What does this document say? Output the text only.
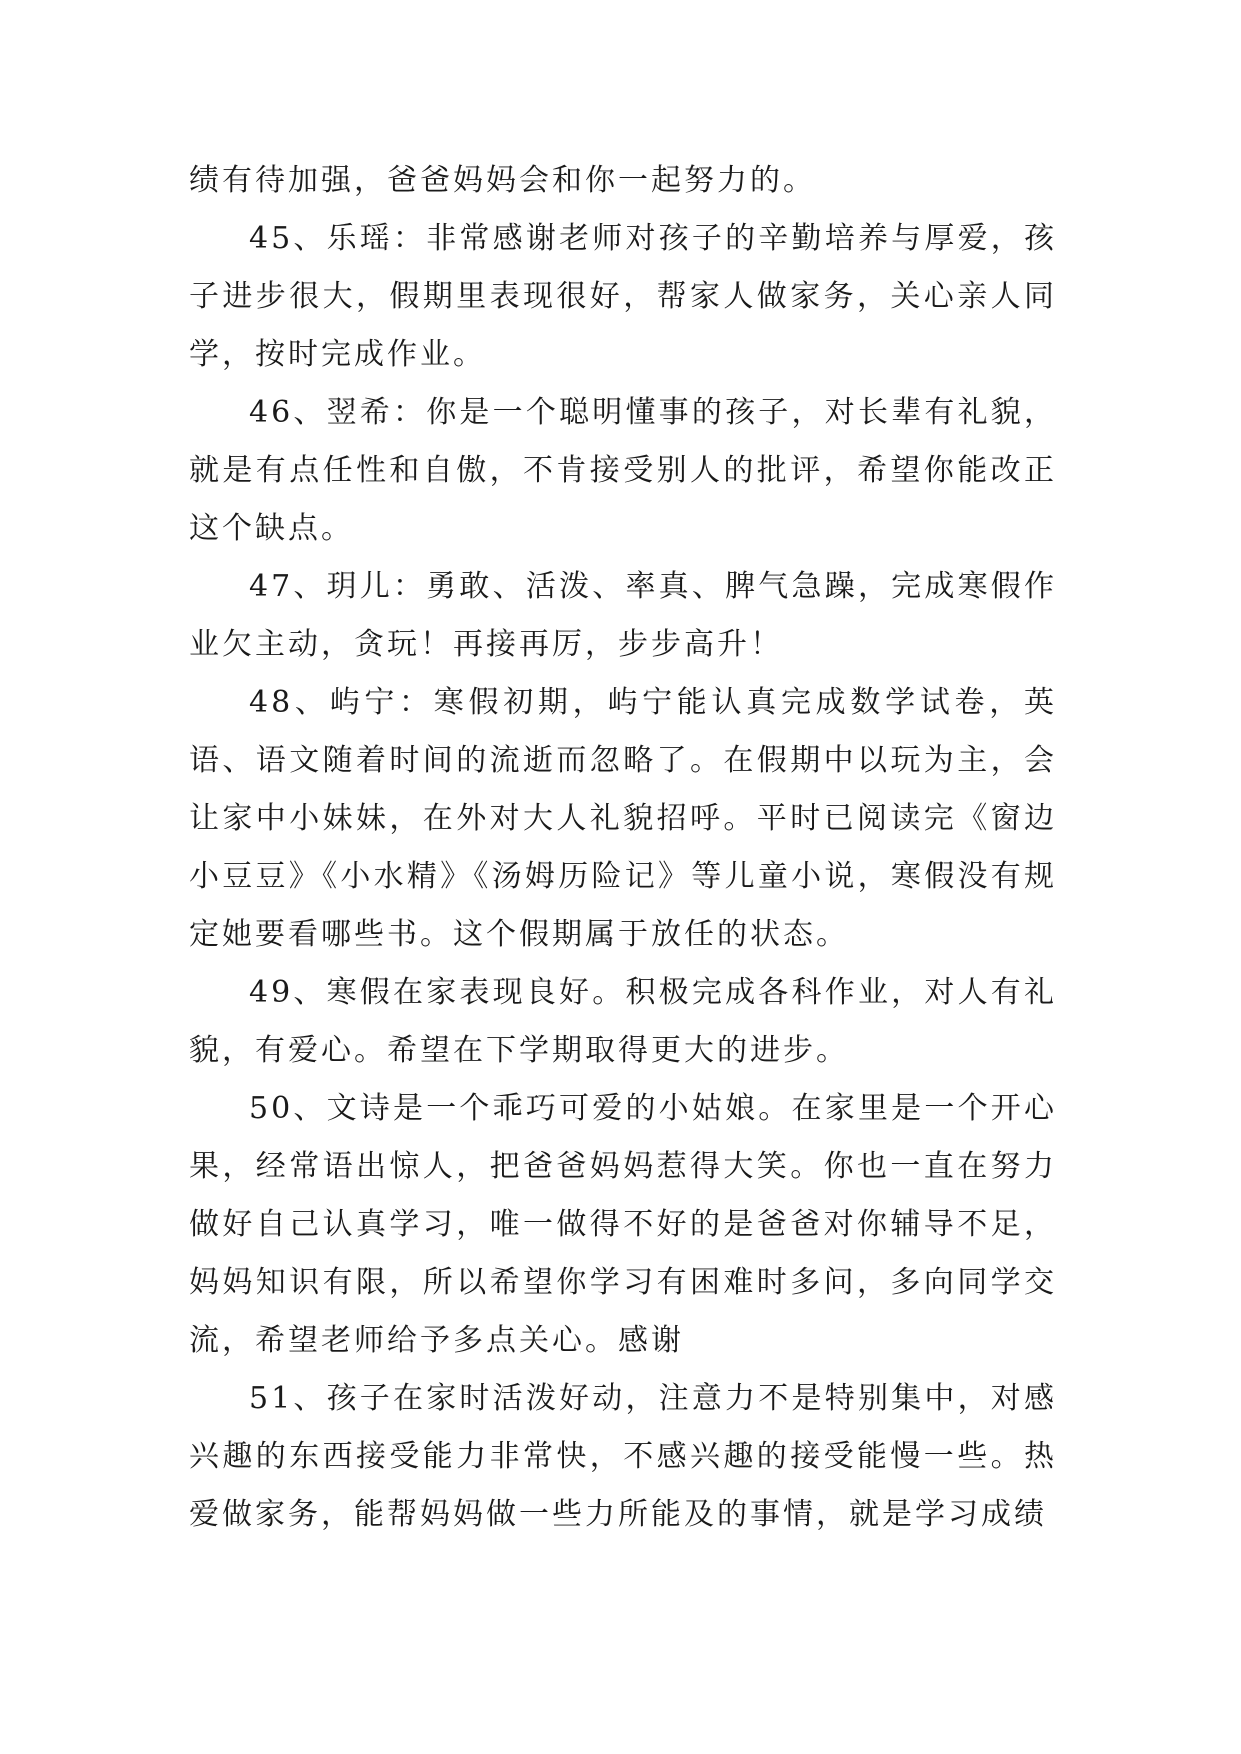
绩有待加强，爸爸妈妈会和你一起努力的。

45、乐瑶：非常感谢老师对孩子的辛勤培养与厚爱，孩子进步很大，假期里表现很好，帮家人做家务，关心亲人同学，按时完成作业。

46、翌希：你是一个聪明懂事的孩子，对长辈有礼貌，就是有点任性和自傲，不肯接受别人的批评，希望你能改正这个缺点。

47、玥儿：勇敢、活泼、率真、脾气急躁，完成寒假作业欠主动，贪玩！再接再厉，步步高升！

48、屿宁：寒假初期，屿宁能认真完成数学试卷，英语、语文随着时间的流逝而忽略了。在假期中以玩为主，会让家中小妹妹，在外对大人礼貌招呼。平时已阅读完《窗边小豆豆》《小水精》《汤姆历险记》等儿童小说，寒假没有规定她要看哪些书。这个假期属于放任的状态。

49、寒假在家表现良好。积极完成各科作业，对人有礼貌，有爱心。希望在下学期取得更大的进步。

50、文诗是一个乖巧可爱的小姑娘。在家里是一个开心果，经常语出惊人，把爸爸妈妈惹得大笑。你也一直在努力做好自己认真学习，唯一做得不好的是爸爸对你辅导不足，妈妈知识有限，所以希望你学习有困难时多问，多向同学交流，希望老师给予多点关心。感谢

51、孩子在家时活泼好动，注意力不是特别集中，对感兴趣的东西接受能力非常快，不感兴趣的接受能慢一些。热爱做家务，能帮妈妈做一些力所能及的事情，就是学习成绩
